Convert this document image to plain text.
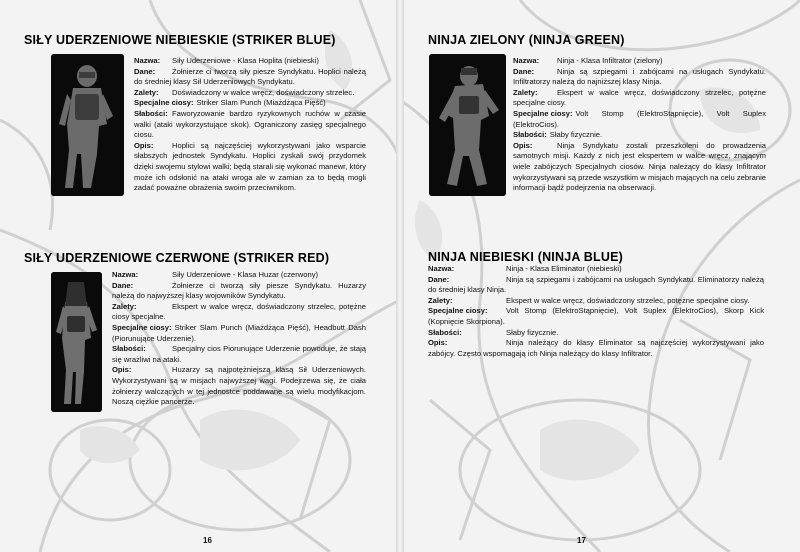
SIŁY UDERZENIOWE NIEBIESKIE (STRIKER BLUE)
Nazwa: Siły Uderzeniowe - Klasa Hoplita (niebieski)
Dane: Żołnierze ci tworzą siły piesze Syndykatu. Hoplici należą do średniej klasy Sił Uderzeniowych Syndykatu.
Zalety: Doświadczony w walce wręcz, doświadczony strzelec.
Specjalne ciosy: Striker Slam Punch (Miażdżąca Pięść)
Słabości: Faworyzowanie bardzo ryzykownych ruchów w czasie walki (ataki wykorzystujące skok). Ograniczony zasięg specjalnego ciosu.
Opis: Hoplici są najczęściej wykorzystywani jako wsparcie słabszych jednostek Syndykatu. Hoplici zyskali swój przydomek dzięki swojemu stylowi walki; będą starali się wykonać manewr, który może ich odsłonić na ataki wroga ale w zamian za to będą mogli zadać poważne obrażenia swoim przeciwnikom.
SIŁY UDERZENIOWE CZERWONE (STRIKER RED)
Nazwa:	Siły Uderzeniowe - Klasa Huzar (czerwony)
Dane:	Żołnierze ci tworzą siły piesze Syndykatu. Huzarzy należą do najwyższej klasy wojowników Syndykatu.
Zalety:	Ekspert w walce wręcz, doświadczony strzelec, potężne ciosy specjalne.
Specjalne ciosy: Striker Slam Punch (Miażdżąca Pięść), Headbutt Dash (Piorunujące Uderzenie).
Słabości:	Specjalny cios Piorunujące Uderzenie powoduje, że stają się wrażliwi na ataki.
Opis:	Huzarzy są najpotężniejszą klasą Sił Uderzeniowych. Wykorzystywani są w misjach najwyższej wagi. Podejrzewa się, że ciała żołnierzy walczących w tej jednostce poddawane są wielu modyfikacjom. Noszą ciężkie pancerze.
16
NINJA ZIELONY (NINJA GREEN)
Nazwa: Ninja - Klasa Infiltrator (zielony)
Dane:	Ninja są szpiegami i zabójcami na usługach Syndykatu. Infiltratorzy należą do najniższej klasy Ninja.
Zalety:	Ekspert w walce wręcz, doświadczony strzelec, potężne specjalne ciosy.
Specjalne ciosy: Volt Stomp (ElektroStąpnięcie), Volt Suplex (ElektroCios).
Słabości: Słaby fizycznie.
Opis:	Ninja Syndykatu zostali przeszkoleni do prowadzenia samotnych misji. Każdy z nich jest ekspertem w walce wręcz, znającym wiele zabójczych Specjalnych ciosów. Ninja należący do klasy Infiltrator wykorzystywani są przede wszystkim w misjach mających na celu zebranie informacji bądź podejrzenia na obserwacji.
NINJA NIEBIESKI (NINJA BLUE)
Nazwa:	Ninja - Klasa Eliminator (niebieski)
Dane:	Ninja są szpiegami i zabójcami na usługach Syndykatu. Eliminatorzy należą do średniej klasy Ninja.
Zalety:	Ekspert w walce wręcz, doświadczony strzelec, potężne specjalne ciosy.
Specjalne ciosy: Volt Stomp (ElektroStąpnięcie), Volt Suplex (ElektroCios), Skorp Kick (Kopnięcie Skorpiona).
Słabości:	Słaby fizycznie.
Opis:	Ninja należący do klasy Eliminator są najczęściej wykorzystywani jako zabójcy. Często wspomagają ich Ninja należący do klasy Infiltrator.
17
